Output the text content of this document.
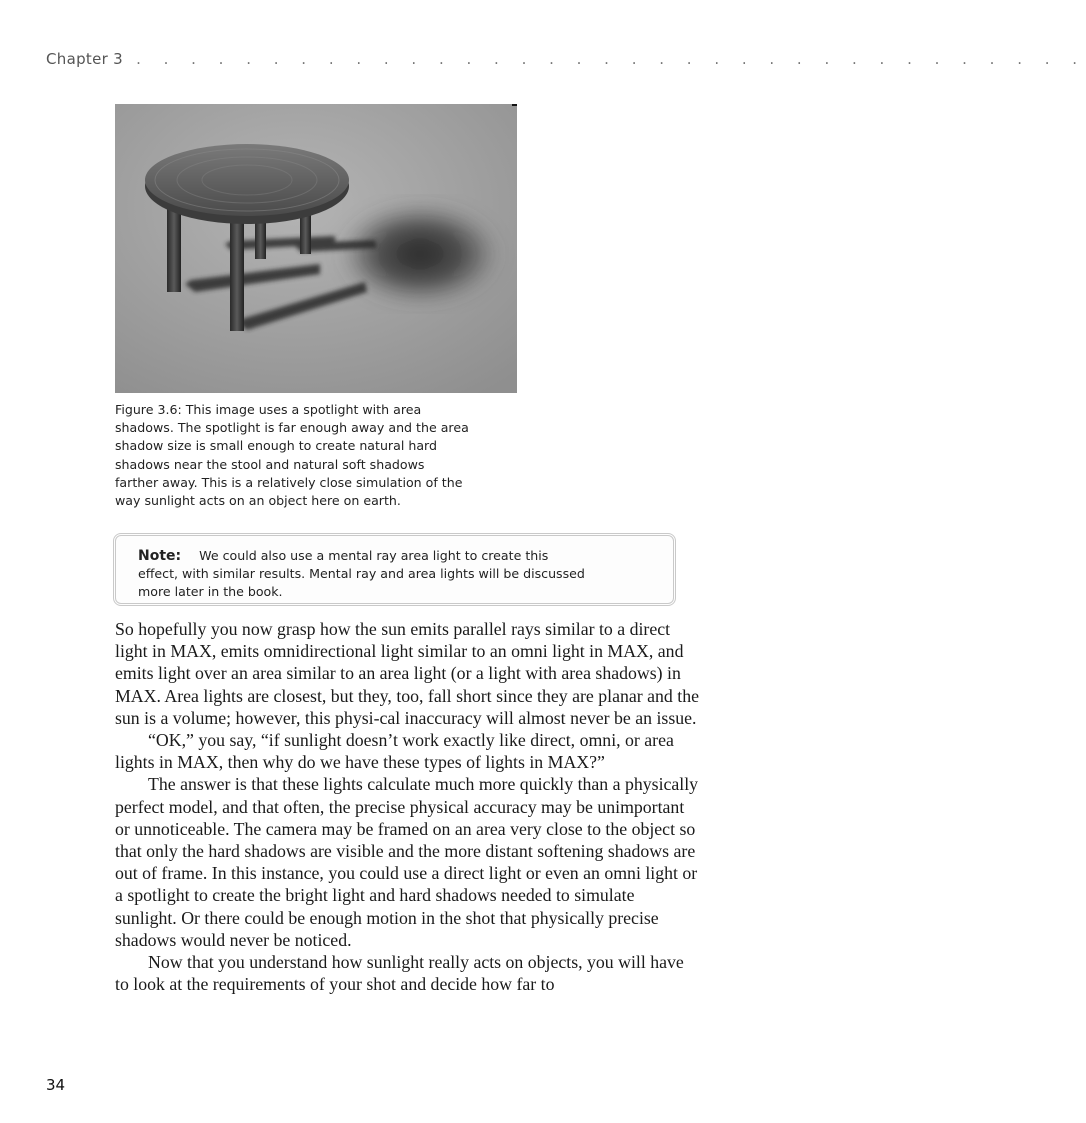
Chapter 3 . . . . . . . . . . . . . . . . . . . . . . . . . . . . . . . . . . .
Figure 3.6: This image uses a spotlight with area
shadows. The spotlight is far enough away and the area
shadow size is small enough to create natural hard
shadows near the stool and natural soft shadows
farther away. This is a relatively close simulation of the
way sunlight acts on an object here on earth.
Note: We could also use a mental ray area light to create this
effect, with similar results. Mental ray and area lights will be discussed
more later in the book.

So hopefully you now grasp how the sun emits parallel rays similar to a direct light in MAX, emits omnidirectional light similar to an omni light in MAX, and emits light over an area similar to an area light (or a light with area shadows) in MAX. Area lights are closest, but they, too, fall short since they are planar and the sun is a volume; however, this physi-cal inaccuracy will almost never be an issue.

“OK,” you say, “if sunlight doesn’t work exactly like direct, omni, or area lights in MAX, then why do we have these types of lights in MAX?”

The answer is that these lights calculate much more quickly than a physically perfect model, and that often, the precise physical accuracy may be unimportant or unnoticeable. The camera may be framed on an area very close to the object so that only the hard shadows are visible and the more distant softening shadows are out of frame. In this instance, you could use a direct light or even an omni light or a spotlight to create the bright light and hard shadows needed to simulate sunlight. Or there could be enough motion in the shot that physically precise shadows would never be noticed.

Now that you understand how sunlight really acts on objects, you will have to look at the requirements of your shot and decide how far to

34
